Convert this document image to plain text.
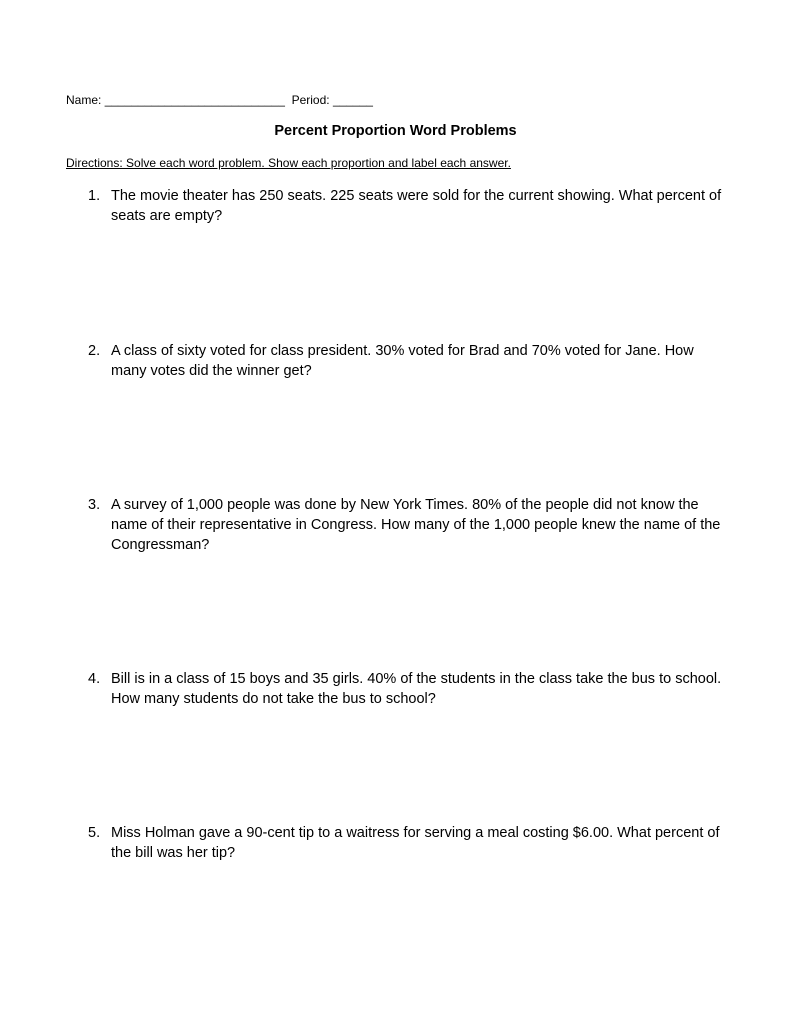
Name: ___________________________ Period: ______
Percent Proportion Word Problems
Directions: Solve each word problem. Show each proportion and label each answer.
1. The movie theater has 250 seats. 225 seats were sold for the current showing. What percent of seats are empty?
2. A class of sixty voted for class president. 30% voted for Brad and 70% voted for Jane. How many votes did the winner get?
3. A survey of 1,000 people was done by New York Times. 80% of the people did not know the name of their representative in Congress. How many of the 1,000 people knew the name of the Congressman?
4. Bill is in a class of 15 boys and 35 girls. 40% of the students in the class take the bus to school. How many students do not take the bus to school?
5. Miss Holman gave a 90-cent tip to a waitress for serving a meal costing $6.00. What percent of the bill was her tip?
